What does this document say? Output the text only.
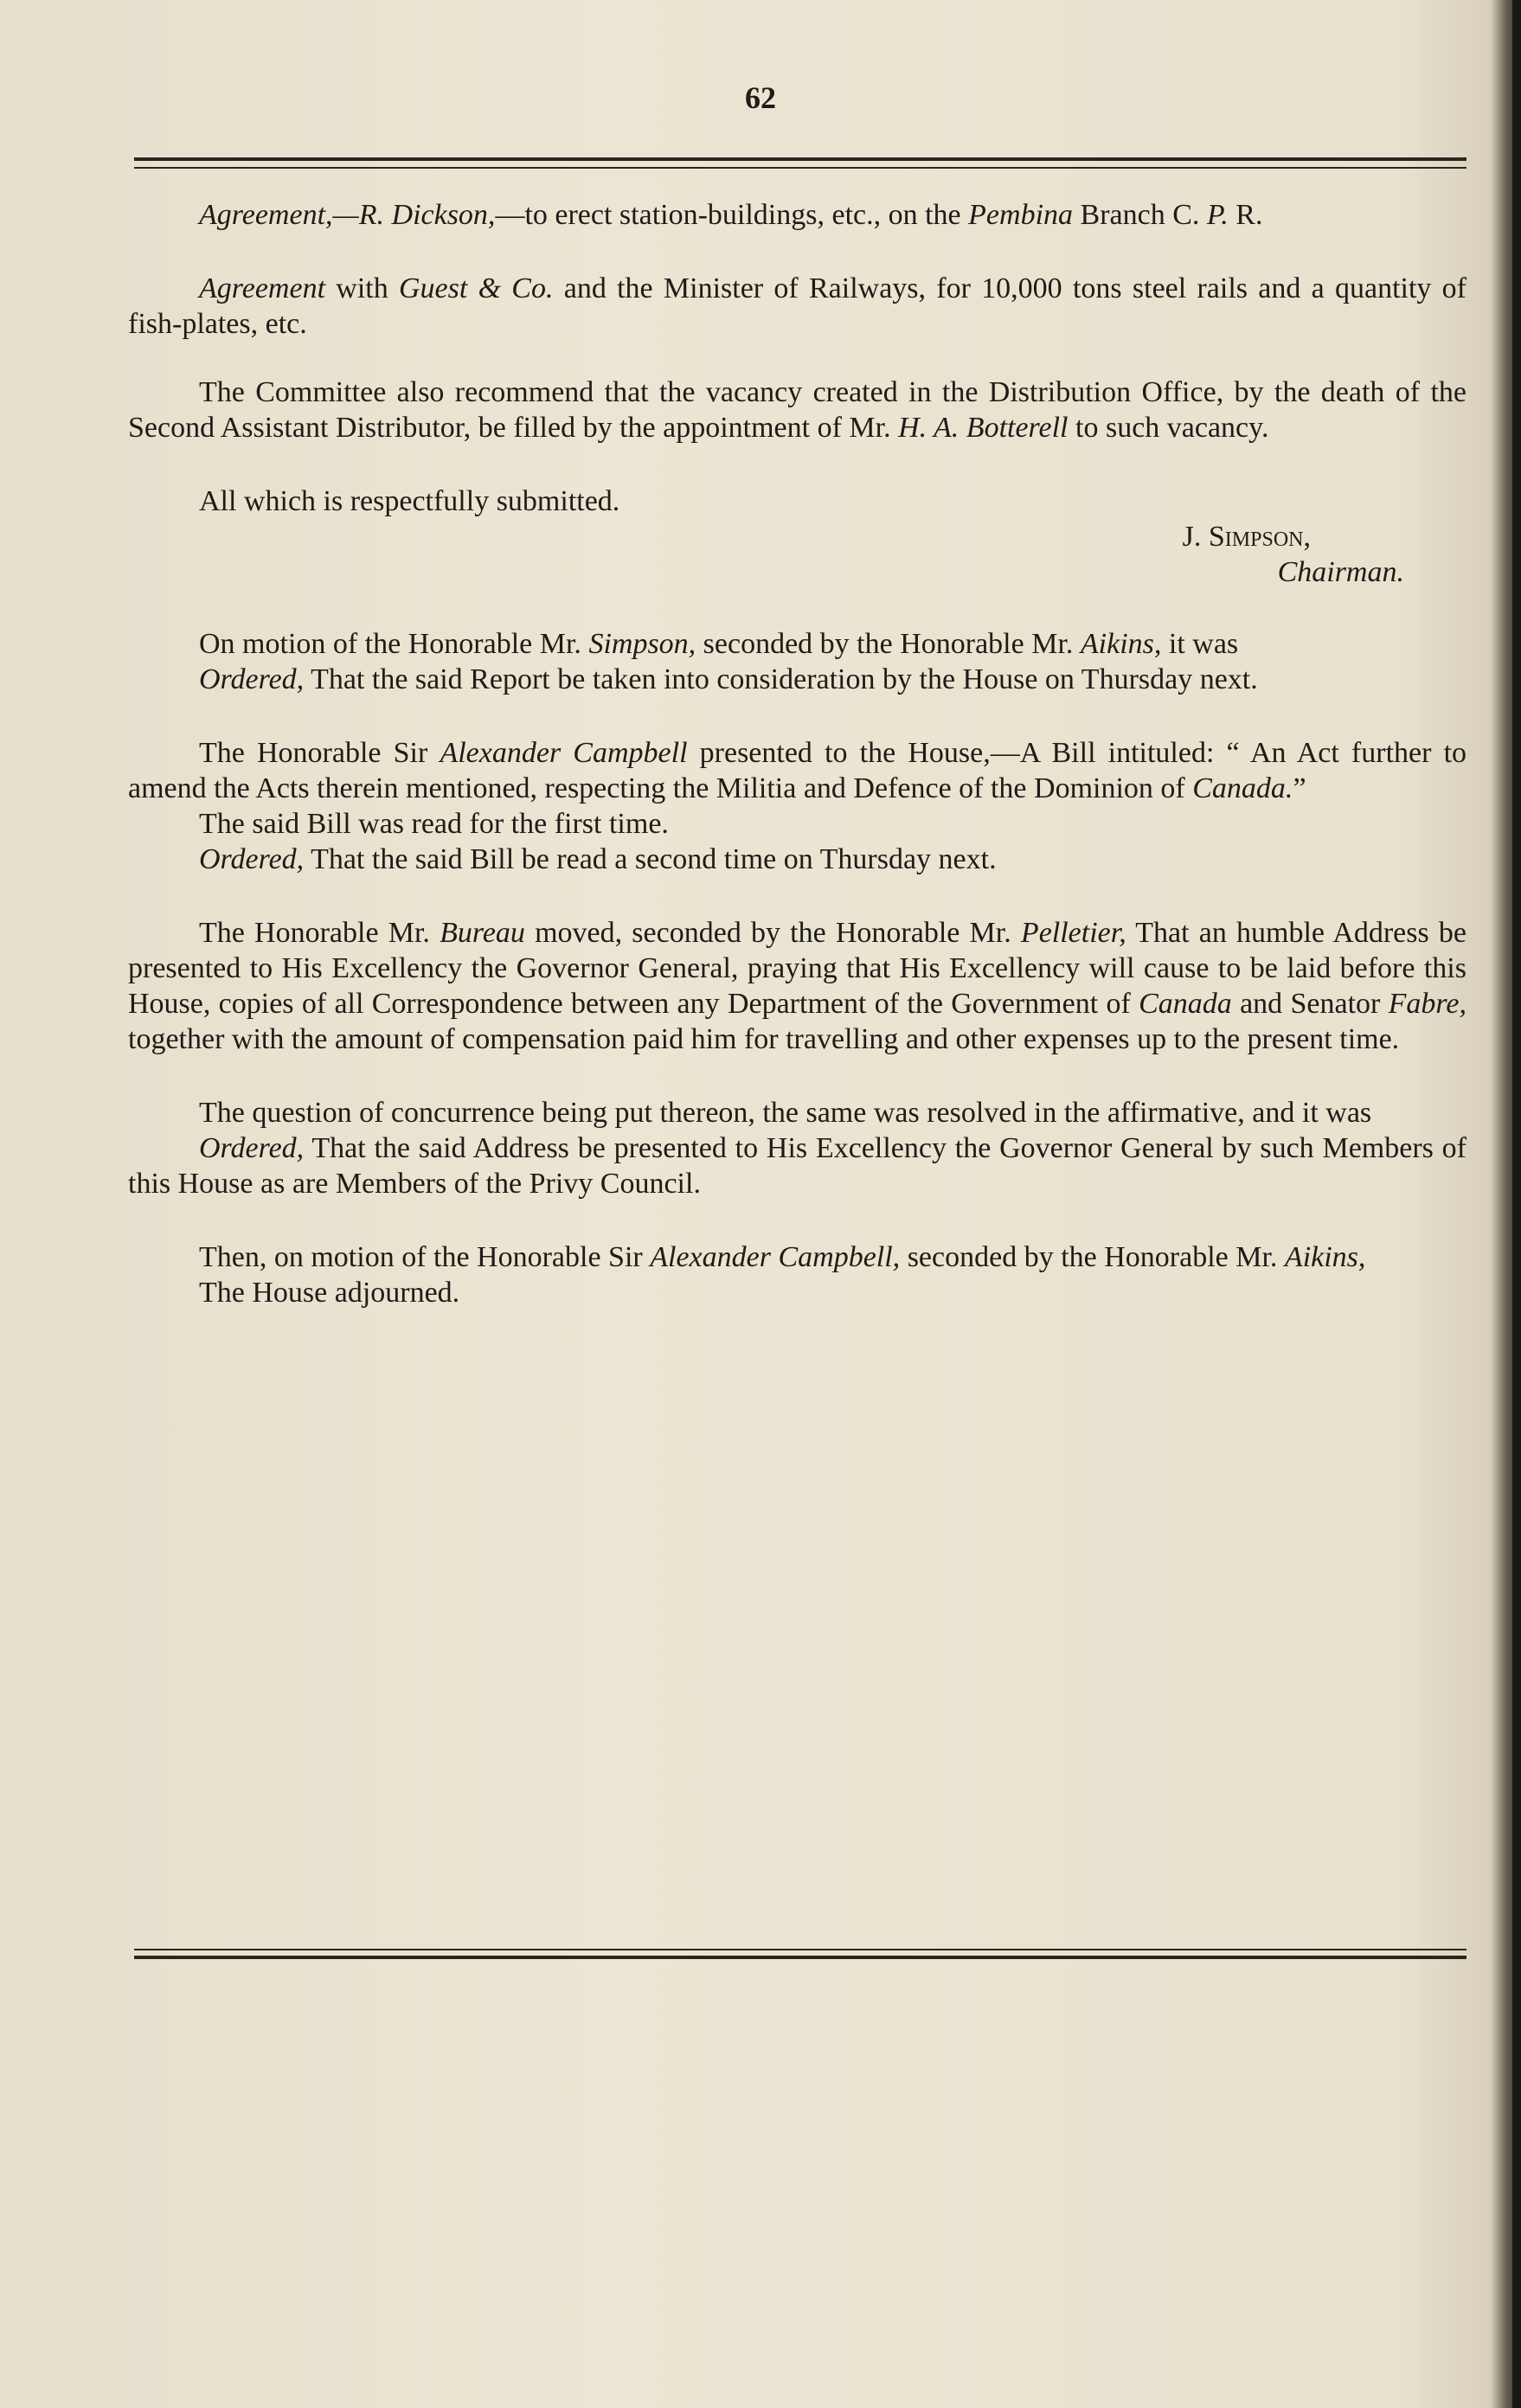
62

Agreement,—R. Dickson,—to erect station-buildings, etc., on the Pembina Branch C. P. R.

Agreement with Guest & Co. and the Minister of Railways, for 10,000 tons steel rails and a quantity of fish-plates, etc.

The Committee also recommend that the vacancy created in the Distribution Office, by the death of the Second Assistant Distributor, be filled by the appointment of Mr. H. A. Botterell to such vacancy.

All which is respectfully submitted.

J. Simpson,

Chairman.

On motion of the Honorable Mr. Simpson, seconded by the Honorable Mr. Aikins, it was

Ordered, That the said Report be taken into consideration by the House on Thursday next.

The Honorable Sir Alexander Campbell presented to the House,—A Bill intituled: “ An Act further to amend the Acts therein mentioned, respecting the Militia and Defence of the Dominion of Canada.”

The said Bill was read for the first time.

Ordered, That the said Bill be read a second time on Thursday next.

The Honorable Mr. Bureau moved, seconded by the Honorable Mr. Pelletier, That an humble Address be presented to His Excellency the Governor General, praying that His Excellency will cause to be laid before this House, copies of all Correspondence between any Department of the Government of Canada and Senator Fabre, together with the amount of compensation paid him for travelling and other expenses up to the present time.

The question of concurrence being put thereon, the same was resolved in the affirmative, and it was

Ordered, That the said Address be presented to His Excellency the Governor General by such Members of this House as are Members of the Privy Council.

Then, on motion of the Honorable Sir Alexander Campbell, seconded by the Honorable Mr. Aikins,

The House adjourned.
